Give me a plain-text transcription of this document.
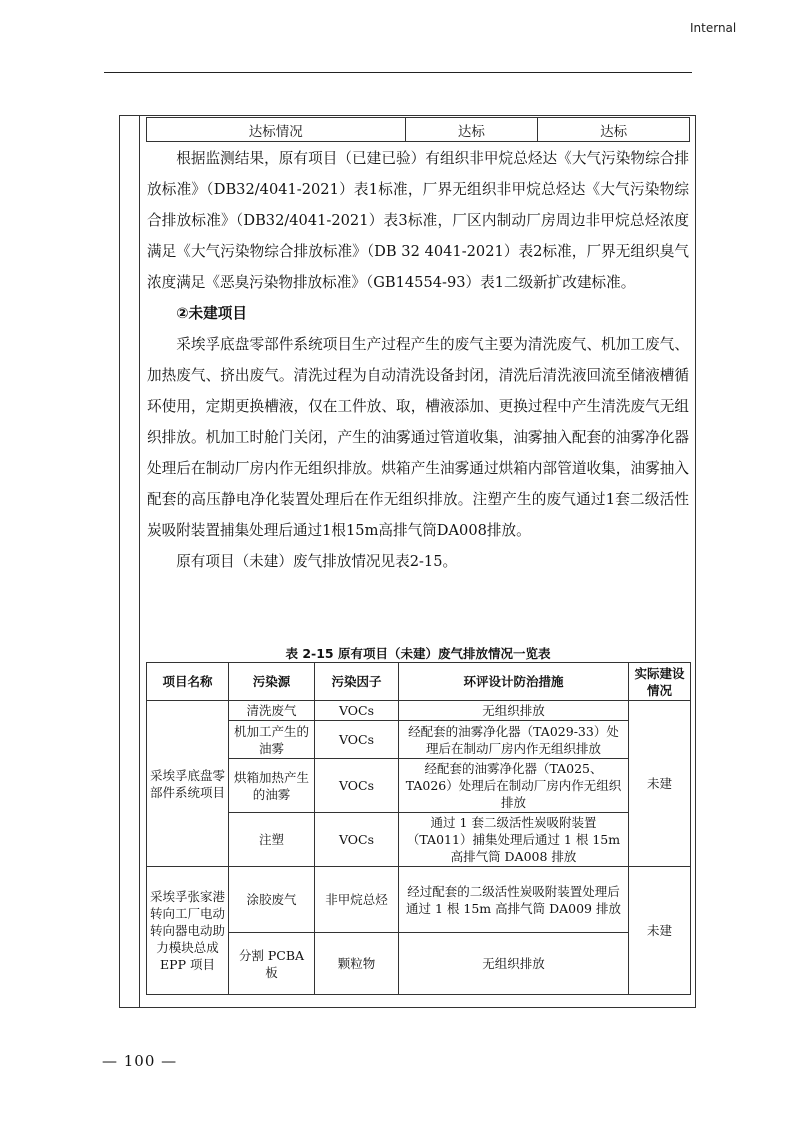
Internal
达标情况	达标	达标

根据监测结果，原有项目（已建已验）有组织非甲烷总烃达《大气污染物综合排放标准》（DB32/4041-2021）表1标准，厂界无组织非甲烷总烃达《大气污染物综合排放标准》（DB32/4041-2021）表3标准，厂区内制动厂房周边非甲烷总烃浓度满足《大气污染物综合排放标准》（DB 32 4041-2021）表2标准，厂界无组织臭气浓度满足《恶臭污染物排放标准》（GB14554-93）表1二级新扩改建标准。

②未建项目

采埃孚底盘零部件系统项目生产过程产生的废气主要为清洗废气、机加工废气、加热废气、挤出废气。清洗过程为自动清洗设备封闭，清洗后清洗液回流至储液槽循环使用，定期更换槽液，仅在工件放、取，槽液添加、更换过程中产生清洗废气无组织排放。机加工时舱门关闭，产生的油雾通过管道收集，油雾抽入配套的油雾净化器处理后在制动厂房内作无组织排放。烘箱产生油雾通过烘箱内部管道收集，油雾抽入配套的高压静电净化装置处理后在作无组织排放。注塑产生的废气通过1套二级活性炭吸附装置捕集处理后通过1根15m高排气筒DA008排放。

原有项目（未建）废气排放情况见表2-15。

表 2-15 原有项目（未建）废气排放情况一览表
项目名称	污染源	污染因子	环评设计防治措施	实际建设情况
采埃孚底盘零部件系统项目	清洗废气	VOCs	无组织排放	未建
	机加工产生的油雾	VOCs	经配套的油雾净化器（TA029-33）处理后在制动厂房内作无组织排放	
	烘箱加热产生的油雾	VOCs	经配套的油雾净化器（TA025、TA026）处理后在制动厂房内作无组织排放	
	注塑	VOCs	通过 1 套二级活性炭吸附装置（TA011）捕集处理后通过 1 根 15m 高排气筒 DA008 排放	
采埃孚张家港转向工厂电动转向器电动助力模块总成EPP 项目	涂胶废气	非甲烷总烃	经过配套的二级活性炭吸附装置处理后通过 1 根 15m 高排气筒 DA009 排放	未建
	分割 PCBA 板	颗粒物	无组织排放	
— 100 —
